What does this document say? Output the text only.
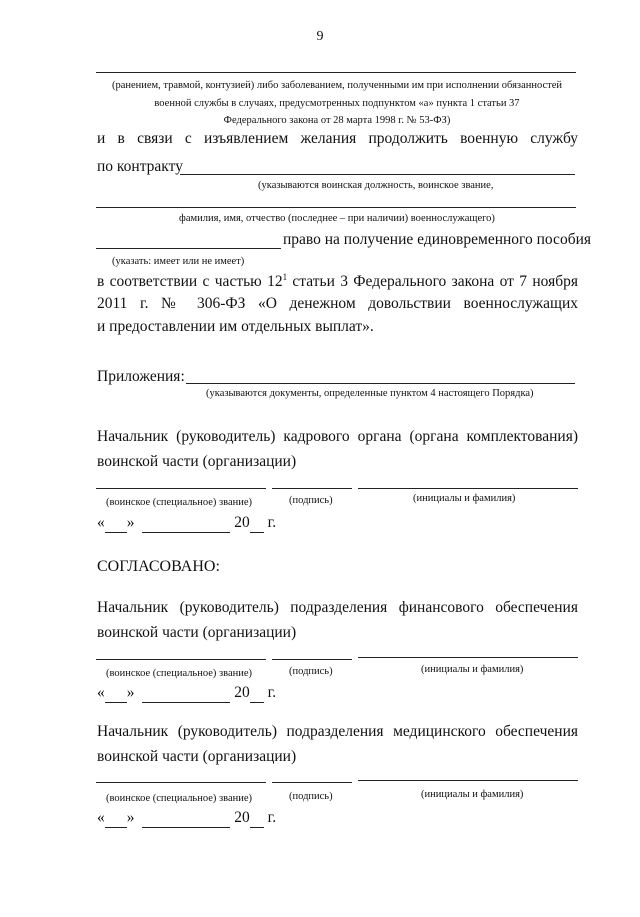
9
(ранением, травмой, контузией) либо заболеванием, полученными им при исполнении обязанностей
военной службы в случаях, предусмотренных подпунктом «а» пункта 1 статьи 37
Федерального закона от 28 марта 1998 г. № 53-ФЗ)
и в связи с изъявлением желания продолжить военную службу
по контракту
(указываются воинская должность, воинское звание,
фамилия, имя, отчество (последнее – при наличии) военнослужащего)
право на получение единовременного пособия
(указать: имеет или не имеет)
в соответствии с частью $12^1$ статьи 3 Федерального закона от 7 ноября
2011 г. № 306-ФЗ «О денежном довольствии военнослужащих
и предоставлении им отдельных выплат».
Приложения:
(указываются документы, определенные пунктом 4 настоящего Порядка)
Начальник (руководитель) кадрового органа (органа комплектования)
воинской части (организации)
(воинское (специальное) звание)	(подпись)	(инициалы и фамилия)
« »	20 г.
СОГЛАСОВАНО:
Начальник (руководитель) подразделения финансового обеспечения
воинской части (организации)
(воинское (специальное) звание)	(подпись)	(инициалы и фамилия)
« »	20 г.
Начальник (руководитель) подразделения медицинского обеспечения
воинской части (организации)
(воинское (специальное) звание)	(подпись)	(инициалы и фамилия)
« »	20 г.
